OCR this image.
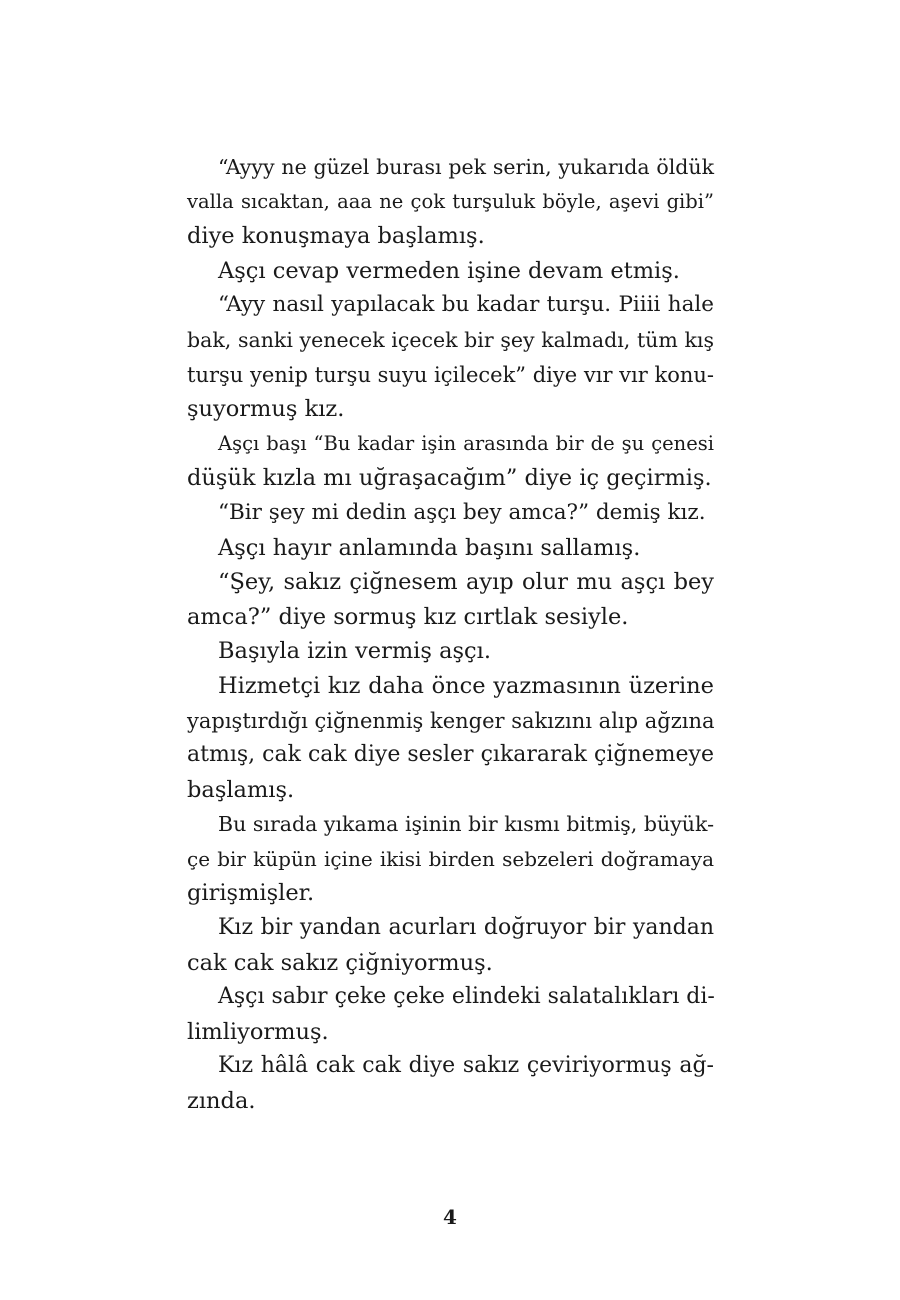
“Ayyy ne güzel burası pek serin, yukarıda öldük
valla sıcaktan, aaa ne çok turşuluk böyle, aşevi gibi”
diye konuşmaya başlamış.
Aşçı cevap vermeden işine devam etmiş.
“Ayy nasıl yapılacak bu kadar turşu. Piiii hale
bak, sanki yenecek içecek bir şey kalmadı, tüm kış
turşu yenip turşu suyu içilecek” diye vır vır konu-
şuyormuş kız.
Aşçı başı “Bu kadar işin arasında bir de şu çenesi
düşük kızla mı uğraşacağım” diye iç geçirmiş.
“Bir şey mi dedin aşçı bey amca?” demiş kız.
Aşçı hayır anlamında başını sallamış.
“Şey, sakız çiğnesem ayıp olur mu aşçı bey
amca?” diye sormuş kız cırtlak sesiyle.
Başıyla izin vermiş aşçı.
Hizmetçi kız daha önce yazmasının üzerine
yapıştırdığı çiğnenmiş kenger sakızını alıp ağzına
atmış, cak cak diye sesler çıkararak çiğnemeye
başlamış.
Bu sırada yıkama işinin bir kısmı bitmiş, büyük-
çe bir küpün içine ikisi birden sebzeleri doğramaya
girişmişler.
Kız bir yandan acurları doğruyor bir yandan
cak cak sakız çiğniyormuş.
Aşçı sabır çeke çeke elindeki salatalıkları di-
limliyormuş.
Kız hâlâ cak cak diye sakız çeviriyormuş ağ-
zında.
4
